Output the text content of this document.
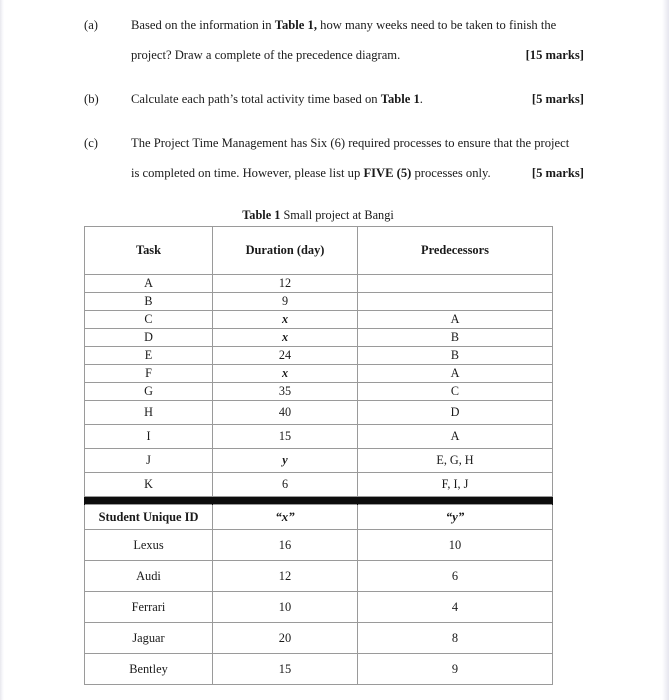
(a)	Based on the information in Table 1, how many weeks need to be taken to finish the
project? Draw a complete of the precedence diagram.	[15 marks]
(b)	Calculate each path’s total activity time based on Table 1.	[5 marks]
(c)	The Project Time Management has Six (6) required processes to ensure that the project
is completed on time. However, please list up FIVE (5) processes only.	[5 marks]
Table 1 Small project at Bangi
Task	Duration (day)	Predecessors
A	12	
B	9	
C	x	A
D	x	B
E	24	B
F	x	A
G	35	C
H	40	D
I	15	A
J	y	E, G, H
K	6	F, I, J

Student Unique ID	“x”	“y”
Lexus	16	10
Audi	12	6
Ferrari	10	4
Jaguar	20	8
Bentley	15	9
